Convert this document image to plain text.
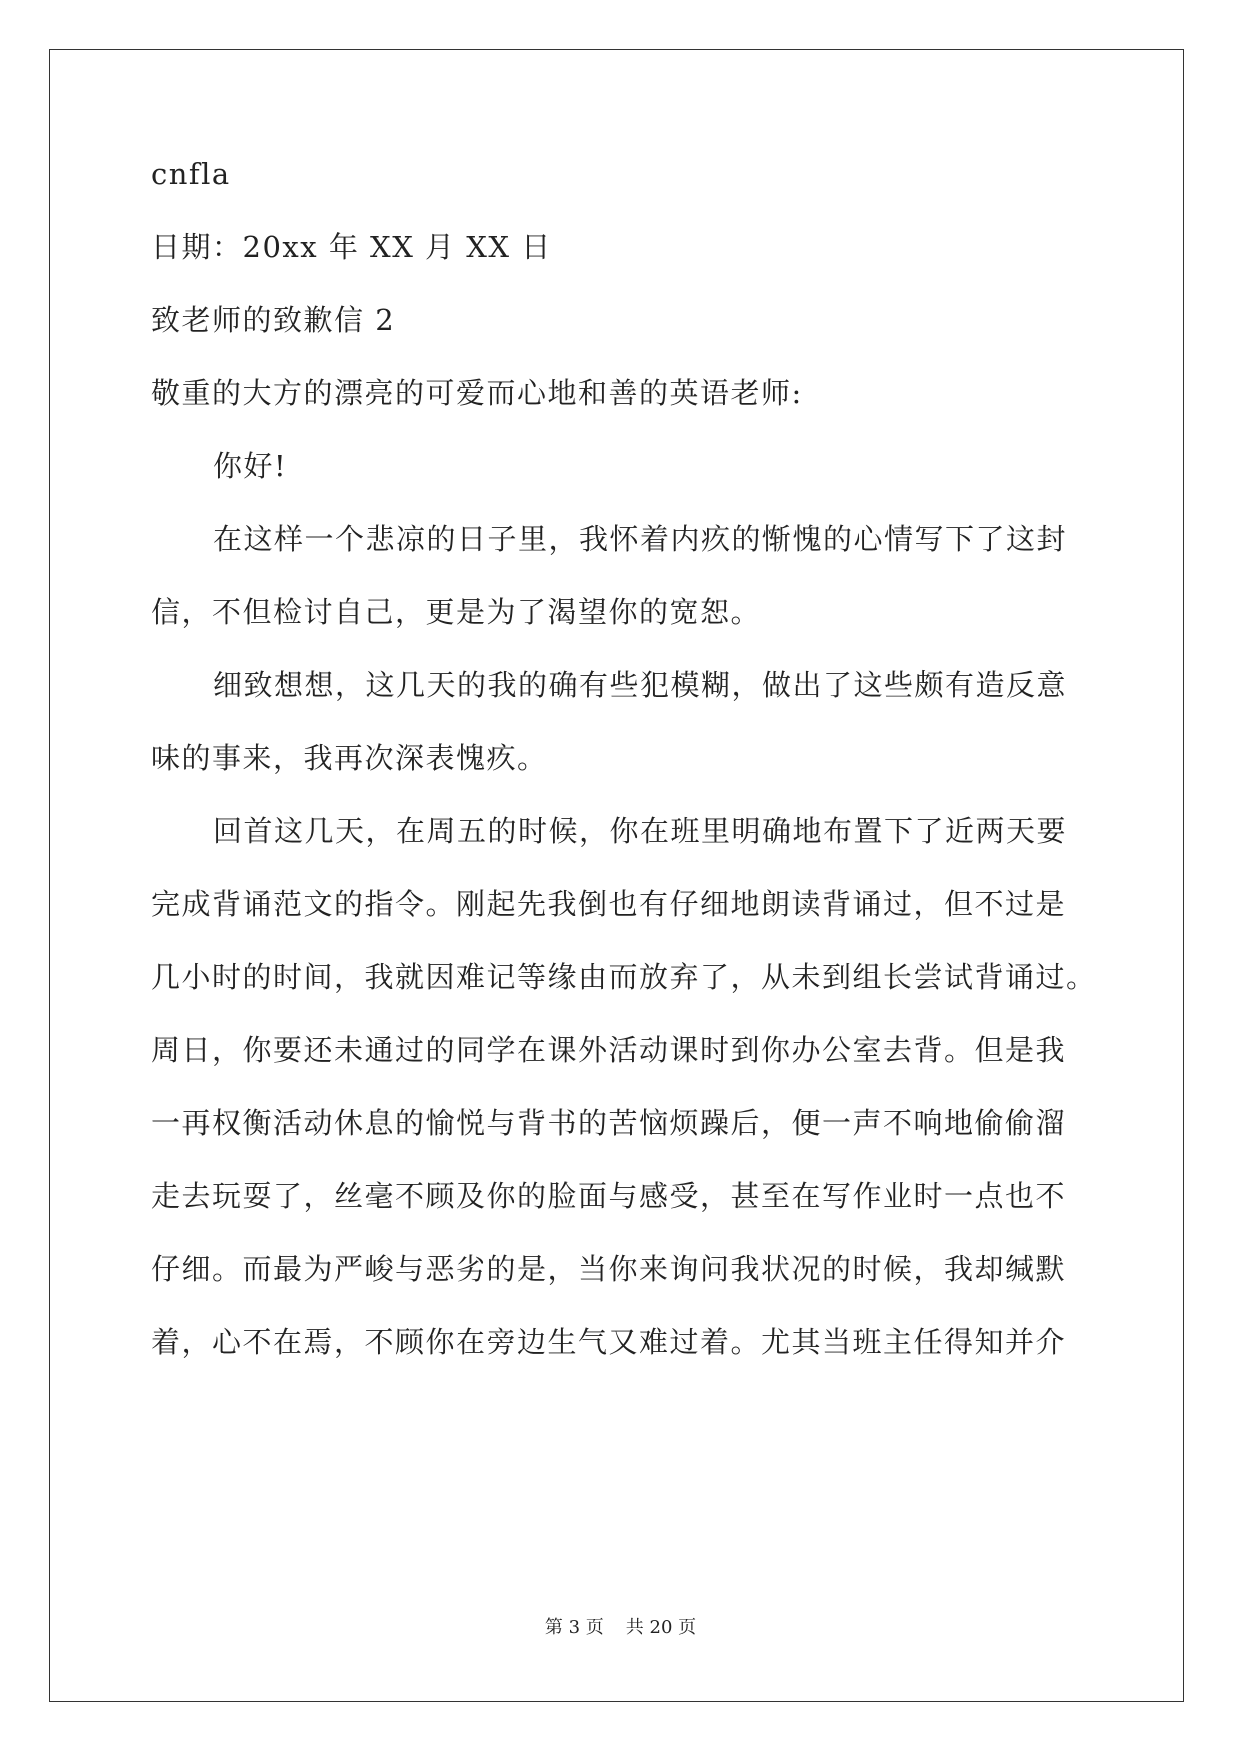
cnfla
日期：20xx 年 XX 月 XX 日
致老师的致歉信 2
敬重的大方的漂亮的可爱而心地和善的英语老师:
你好!
在这样一个悲凉的日子里，我怀着内疚的惭愧的心情写下了这封
信，不但检讨自己，更是为了渴望你的宽恕。
细致想想，这几天的我的确有些犯模糊，做出了这些颇有造反意
味的事来，我再次深表愧疚。
回首这几天，在周五的时候，你在班里明确地布置下了近两天要
完成背诵范文的指令。刚起先我倒也有仔细地朗读背诵过，但不过是
几小时的时间，我就因难记等缘由而放弃了，从未到组长尝试背诵过。
周日，你要还未通过的同学在课外活动课时到你办公室去背。但是我
一再权衡活动休息的愉悦与背书的苦恼烦躁后，便一声不响地偷偷溜
走去玩耍了，丝毫不顾及你的脸面与感受，甚至在写作业时一点也不
仔细。而最为严峻与恶劣的是，当你来询问我状况的时候，我却缄默
着，心不在焉，不顾你在旁边生气又难过着。尤其当班主任得知并介
第 3 页 共 20 页
